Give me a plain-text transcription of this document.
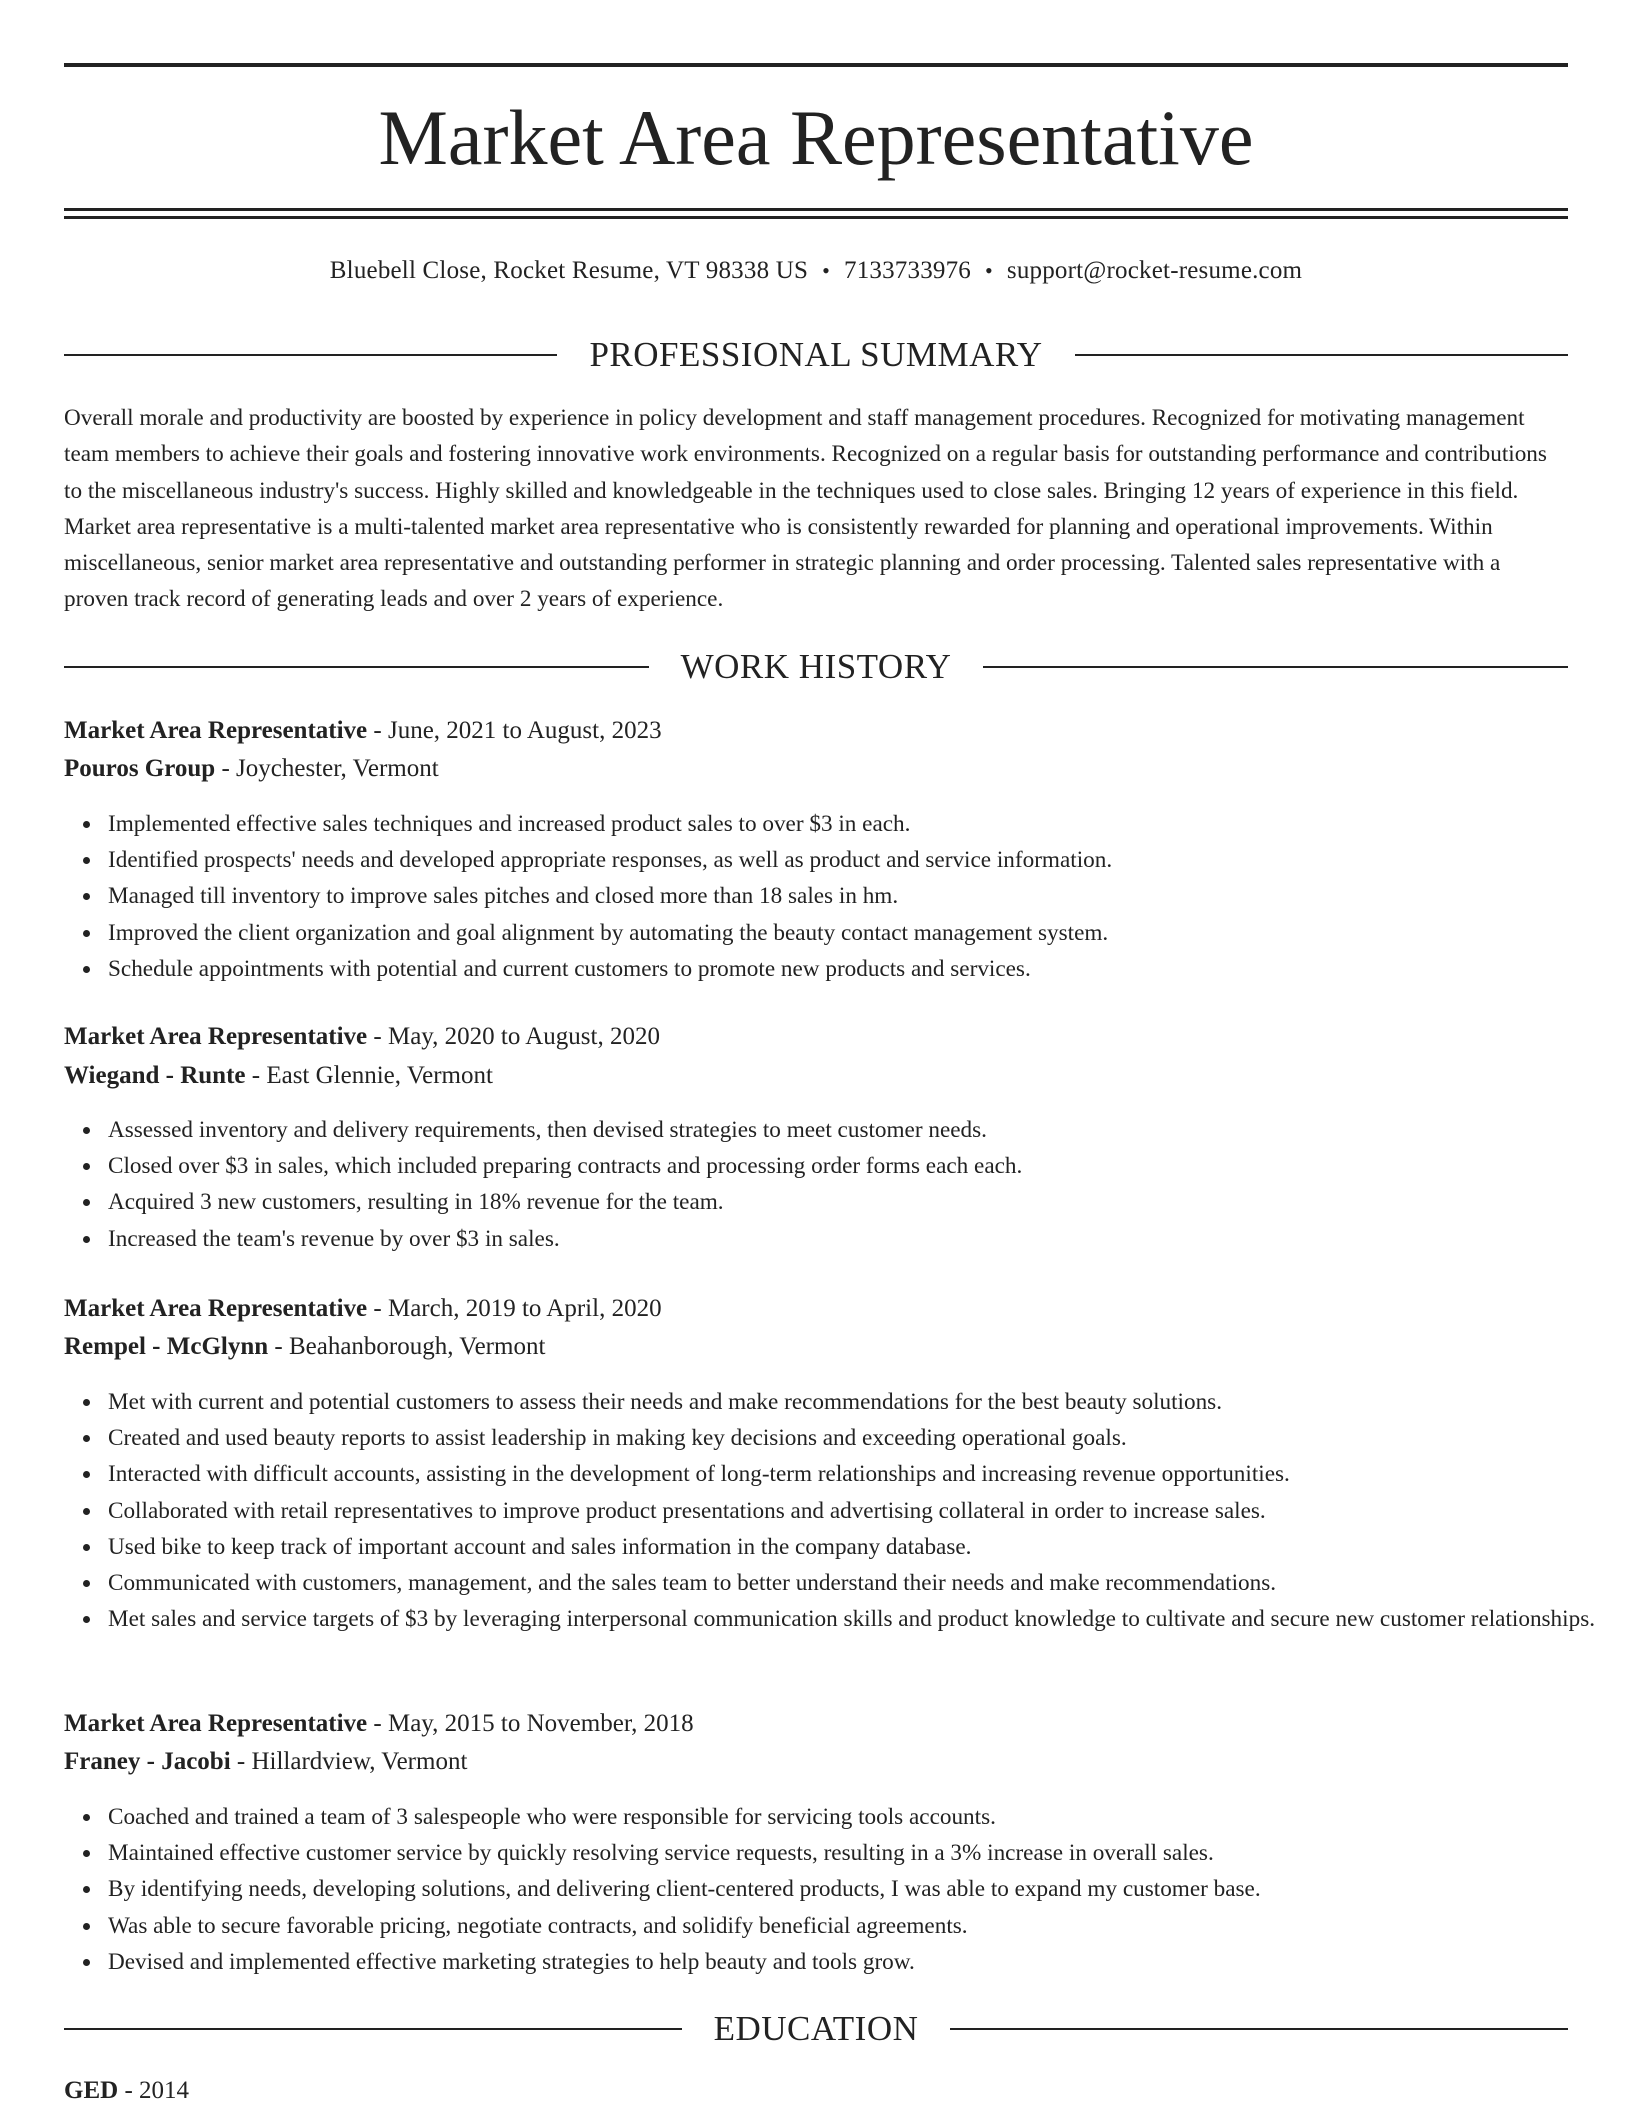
Market Area Representative
Bluebell Close, Rocket Resume, VT 98338 US • 7133733976 • support@rocket-resume.com
PROFESSIONAL SUMMARY

Overall morale and productivity are boosted by experience in policy development and staff management procedures. Recognized for motivating management team members to achieve their goals and fostering innovative work environments. Recognized on a regular basis for outstanding performance and contributions to the miscellaneous industry's success. Highly skilled and knowledgeable in the techniques used to close sales. Bringing 12 years of experience in this field. Market area representative is a multi-talented market area representative who is consistently rewarded for planning and operational improvements. Within miscellaneous, senior market area representative and outstanding performer in strategic planning and order processing. Talented sales representative with a proven track record of generating leads and over 2 years of experience.

WORK HISTORY
Market Area Representative - June, 2021 to August, 2023
Pouros Group - Joychester, Vermont
Implemented effective sales techniques and increased product sales to over $3 in each.
Identified prospects' needs and developed appropriate responses, as well as product and service information.
Managed till inventory to improve sales pitches and closed more than 18 sales in hm.
Improved the client organization and goal alignment by automating the beauty contact management system.
Schedule appointments with potential and current customers to promote new products and services.
Market Area Representative - May, 2020 to August, 2020
Wiegand - Runte - East Glennie, Vermont
Assessed inventory and delivery requirements, then devised strategies to meet customer needs.
Closed over $3 in sales, which included preparing contracts and processing order forms each each.
Acquired 3 new customers, resulting in 18% revenue for the team.
Increased the team's revenue by over $3 in sales.
Market Area Representative - March, 2019 to April, 2020
Rempel - McGlynn - Beahanborough, Vermont
Met with current and potential customers to assess their needs and make recommendations for the best beauty solutions.
Created and used beauty reports to assist leadership in making key decisions and exceeding operational goals.
Interacted with difficult accounts, assisting in the development of long-term relationships and increasing revenue opportunities.
Collaborated with retail representatives to improve product presentations and advertising collateral in order to increase sales.
Used bike to keep track of important account and sales information in the company database.
Communicated with customers, management, and the sales team to better understand their needs and make recommendations.
Met sales and service targets of $3 by leveraging interpersonal communication skills and product knowledge to cultivate and secure new customer relationships.
Market Area Representative - May, 2015 to November, 2018
Franey - Jacobi - Hillardview, Vermont
Coached and trained a team of 3 salespeople who were responsible for servicing tools accounts.
Maintained effective customer service by quickly resolving service requests, resulting in a 3% increase in overall sales.
By identifying needs, developing solutions, and delivering client-centered products, I was able to expand my customer base.
Was able to secure favorable pricing, negotiate contracts, and solidify beneficial agreements.
Devised and implemented effective marketing strategies to help beauty and tools grow.
EDUCATION
GED - 2014
